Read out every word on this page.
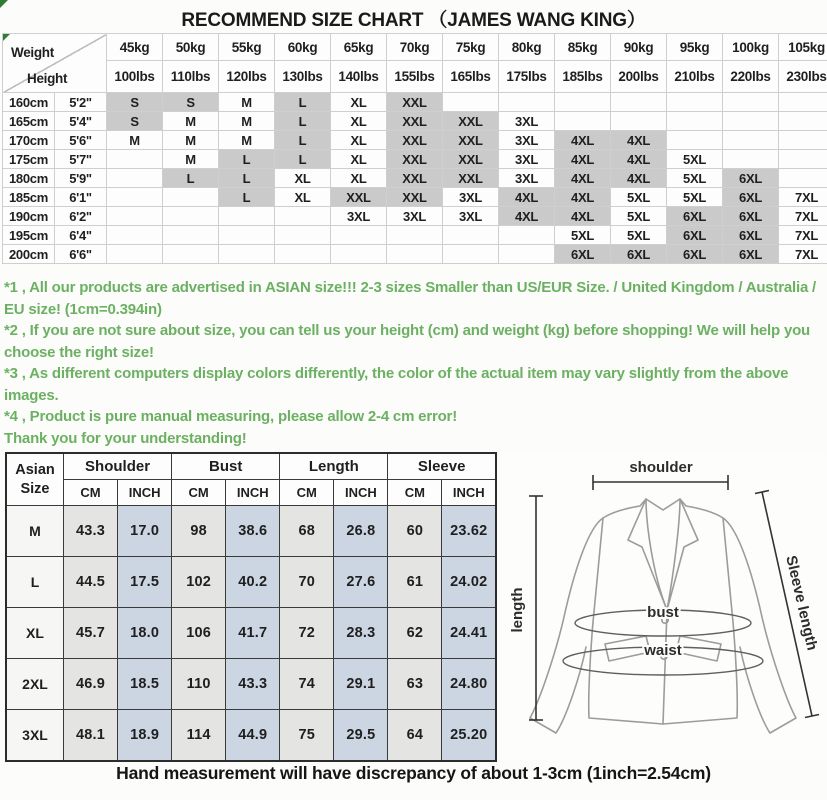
RECOMMEND SIZE CHART （JAMES WANG KING）
Weight
Height		45kg	50kg	55kg	60kg	65kg	70kg	75kg	80kg	85kg	90kg	95kg	100kg	105kg
		100lbs	110lbs	120lbs	130lbs	140lbs	155lbs	165lbs	175lbs	185lbs	200lbs	210lbs	220lbs	230lbs
160cm	5'2"	S	S	M	L	XL	XXL							
165cm	5'4"	S	M	M	L	XL	XXL	XXL	3XL					
170cm	5'6"	M	M	M	L	XL	XXL	XXL	3XL	4XL	4XL			
175cm	5'7"		M	L	L	XL	XXL	XXL	3XL	4XL	4XL	5XL		
180cm	5'9"		L	L	XL	XL	XXL	XXL	3XL	4XL	4XL	5XL	6XL	
185cm	6'1"			L	XL	XXL	XXL	3XL	4XL	4XL	5XL	5XL	6XL	7XL
190cm	6'2"					3XL	3XL	3XL	4XL	4XL	5XL	6XL	6XL	7XL
195cm	6'4"									5XL	5XL	6XL	6XL	7XL
200cm	6'6"									6XL	6XL	6XL	6XL	7XL

*1 , All our products are advertised in ASIAN size!!! 2-3 sizes Smaller than US/EUR Size. / United Kingdom / Australia / EU size! (1cm=0.394in)

*2 , If you are not sure about size, you can tell us your height (cm) and weight (kg) before shopping! We will help you choose the right size!

*3 , As different computers display colors differently, the color of the actual item may vary slightly from the above images.

*4 , Product is pure manual measuring, please allow 2-4 cm error!

Thank you for your understanding!

Asian
Size	Shoulder		Bust		Length		Sleeve	
	CM	INCH	CM	INCH	CM	INCH	CM	INCH
M	43.3	17.0	98	38.6	68	26.8	60	23.62
L	44.5	17.5	102	40.2	70	27.6	61	24.02
XL	45.7	18.0	106	41.7	72	28.3	62	24.41
2XL	46.9	18.5	110	43.3	74	29.1	63	24.80
3XL	48.1	18.9	114	44.9	75	29.5	64	25.20
shoulder
length	bust
waist	Sleeve length
Hand measurement will have discrepancy of about 1-3cm (1inch=2.54cm)
